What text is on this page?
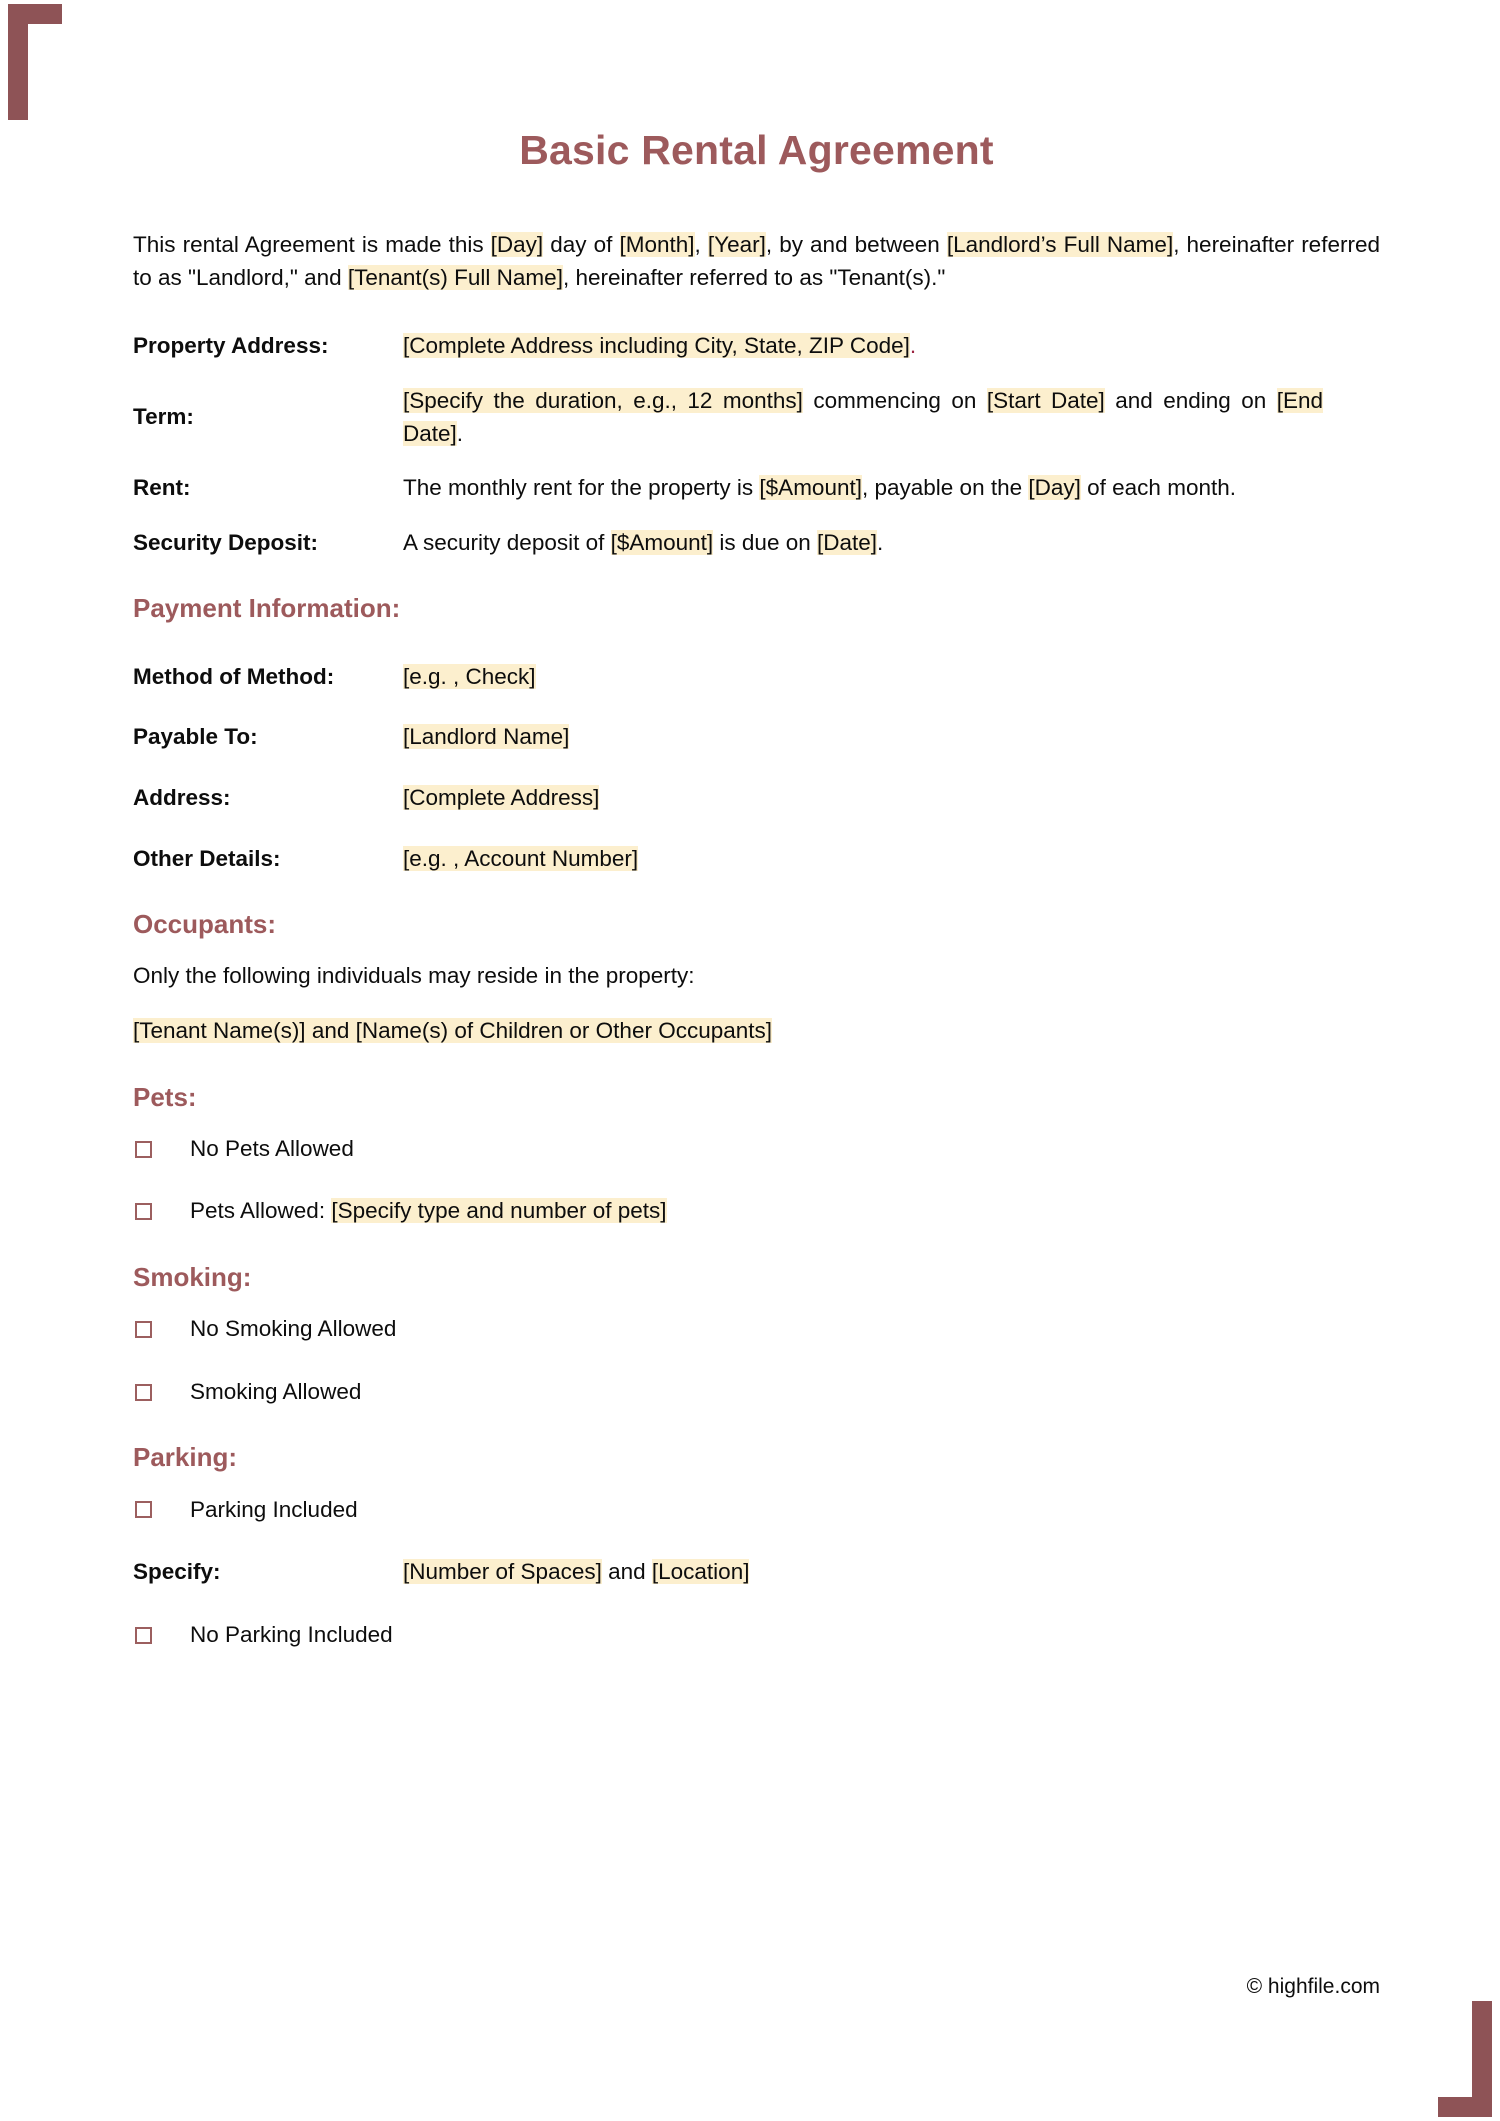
Basic Rental Agreement

This rental Agreement is made this [Day] day of [Month], [Year], by and between [Landlord’s Full Name], hereinafter referred to as "Landlord," and [Tenant(s) Full Name], hereinafter referred to as "Tenant(s)."

Property Address:	[Complete Address including City, State, ZIP Code].
Term:
[Specify the duration, e.g., 12 months] commencing on [Start Date] and ending on [End Date].
Rent:	The monthly rent for the property is [$Amount], payable on the [Day] of each month.
Security Deposit:	A security deposit of [$Amount] is due on [Date].
Payment Information:
Method of Method:	[e.g. , Check]
Payable To:	[Landlord Name]
Address:	[Complete Address]
Other Details:	[e.g. , Account Number]
Occupants:

Only the following individuals may reside in the property:

[Tenant Name(s)] and [Name(s) of Children or Other Occupants]

Pets:
No Pets Allowed
Pets Allowed: [Specify type and number of pets]
Smoking:
No Smoking Allowed
Smoking Allowed
Parking:
Parking Included
Specify:	[Number of Spaces] and [Location]
No Parking Included
© highfile.com
